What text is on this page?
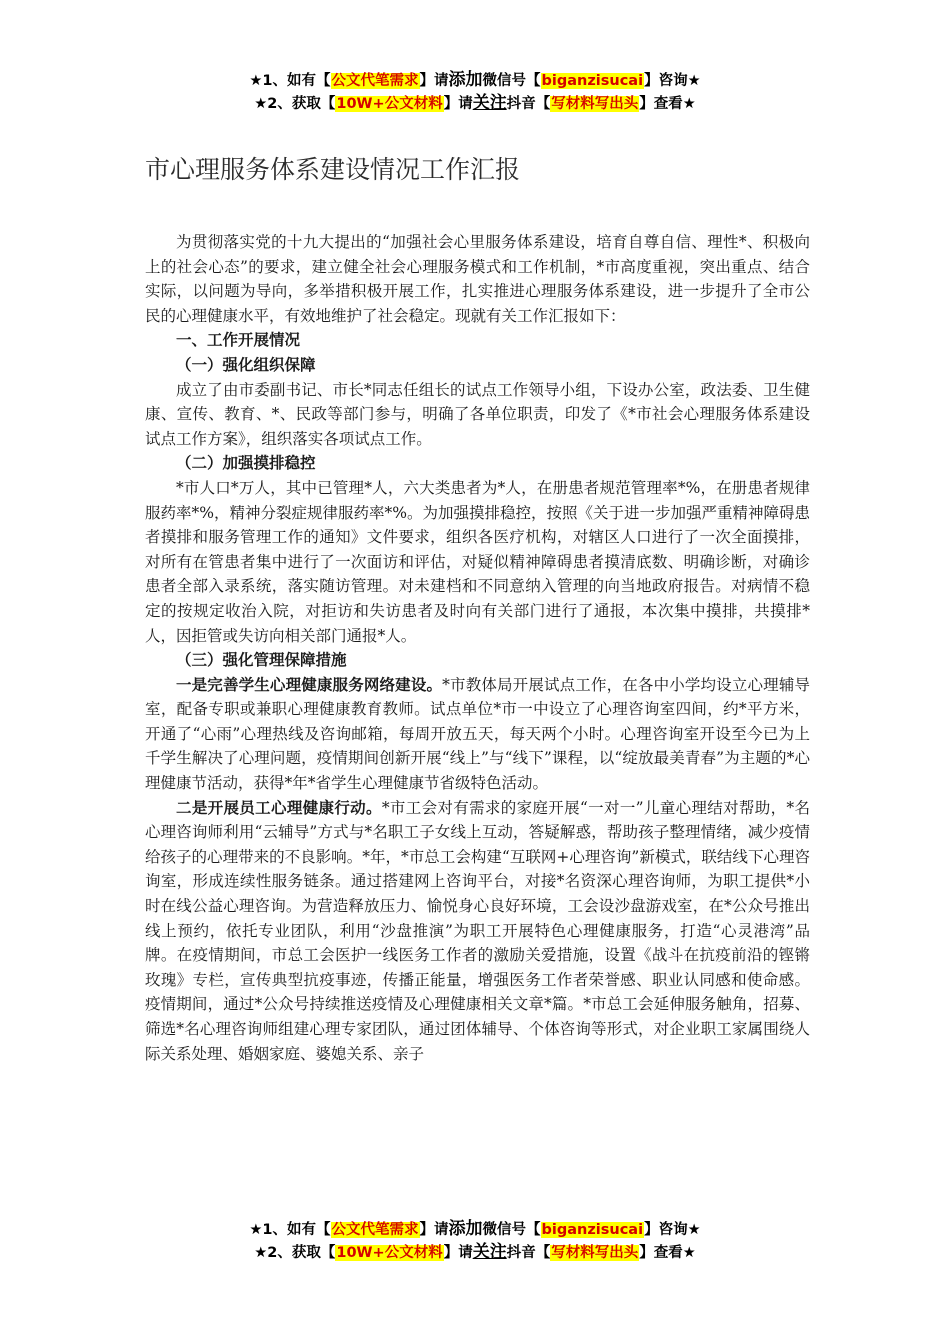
★1、如有【公文代笔需求】请添加微信号【biganzisucai】咨询★
★2、获取【10W+公文材料】请关注抖音【写材料写出头】查看★
市心理服务体系建设情况工作汇报

为贯彻落实党的十九大提出的“加强社会心里服务体系建设，培育自尊自信、理性*、积极向上的社会心态”的要求，建立健全社会心理服务模式和工作机制，*市高度重视，突出重点、结合实际，以问题为导向，多举措积极开展工作，扎实推进心理服务体系建设，进一步提升了全市公民的心理健康水平，有效地维护了社会稳定。现就有关工作汇报如下：

一、工作开展情况
（一）强化组织保障

成立了由市委副书记、市长*同志任组长的试点工作领导小组，下设办公室，政法委、卫生健康、宣传、教育、*、民政等部门参与，明确了各单位职责，印发了《*市社会心理服务体系建设试点工作方案》，组织落实各项试点工作。

（二）加强摸排稳控

*市人口*万人，其中已管理*人，六大类患者为*人，在册患者规范管理率*%，在册患者规律服药率*%，精神分裂症规律服药率*%。为加强摸排稳控，按照《关于进一步加强严重精神障碍患者摸排和服务管理工作的通知》文件要求，组织各医疗机构，对辖区人口进行了一次全面摸排，对所有在管患者集中进行了一次面访和评估，对疑似精神障碍患者摸清底数、明确诊断，对确诊患者全部入录系统，落实随访管理。对未建档和不同意纳入管理的向当地政府报告。对病情不稳定的按规定收治入院，对拒访和失访患者及时向有关部门进行了通报，本次集中摸排，共摸排*人，因拒管或失访向相关部门通报*人。

（三）强化管理保障措施

一是完善学生心理健康服务网络建设。*市教体局开展试点工作，在各中小学均设立心理辅导室，配备专职或兼职心理健康教育教师。试点单位*市一中设立了心理咨询室四间，约*平方米，开通了“心雨”心理热线及咨询邮箱，每周开放五天，每天两个小时。心理咨询室开设至今已为上千学生解决了心理问题，疫情期间创新开展“线上”与“线下”课程，以“绽放最美青春”为主题的*心理健康节活动，获得*年*省学生心理健康节省级特色活动。

二是开展员工心理健康行动。*市工会对有需求的家庭开展“一对一”儿童心理结对帮助，*名心理咨询师利用“云辅导”方式与*名职工子女线上互动，答疑解惑，帮助孩子整理情绪，减少疫情给孩子的心理带来的不良影响。*年，*市总工会构建“互联网+心理咨询”新模式，联结线下心理咨询室，形成连续性服务链条。通过搭建网上咨询平台，对接*名资深心理咨询师，为职工提供*小时在线公益心理咨询。为营造释放压力、愉悦身心良好环境，工会设沙盘游戏室，在*公众号推出线上预约，依托专业团队，利用“沙盘推演”为职工开展特色心理健康服务，打造“心灵港湾”品牌。在疫情期间，市总工会医护一线医务工作者的激励关爱措施，设置《战斗在抗疫前沿的铿锵玫瑰》专栏，宣传典型抗疫事迹，传播正能量，增强医务工作者荣誉感、职业认同感和使命感。疫情期间，通过*公众号持续推送疫情及心理健康相关文章*篇。*市总工会延伸服务触角，招募、筛选*名心理咨询师组建心理专家团队，通过团体辅导、个体咨询等形式，对企业职工家属围绕人际关系处理、婚姻家庭、婆媳关系、亲子

★1、如有【公文代笔需求】请添加微信号【biganzisucai】咨询★
★2、获取【10W+公文材料】请关注抖音【写材料写出头】查看★
